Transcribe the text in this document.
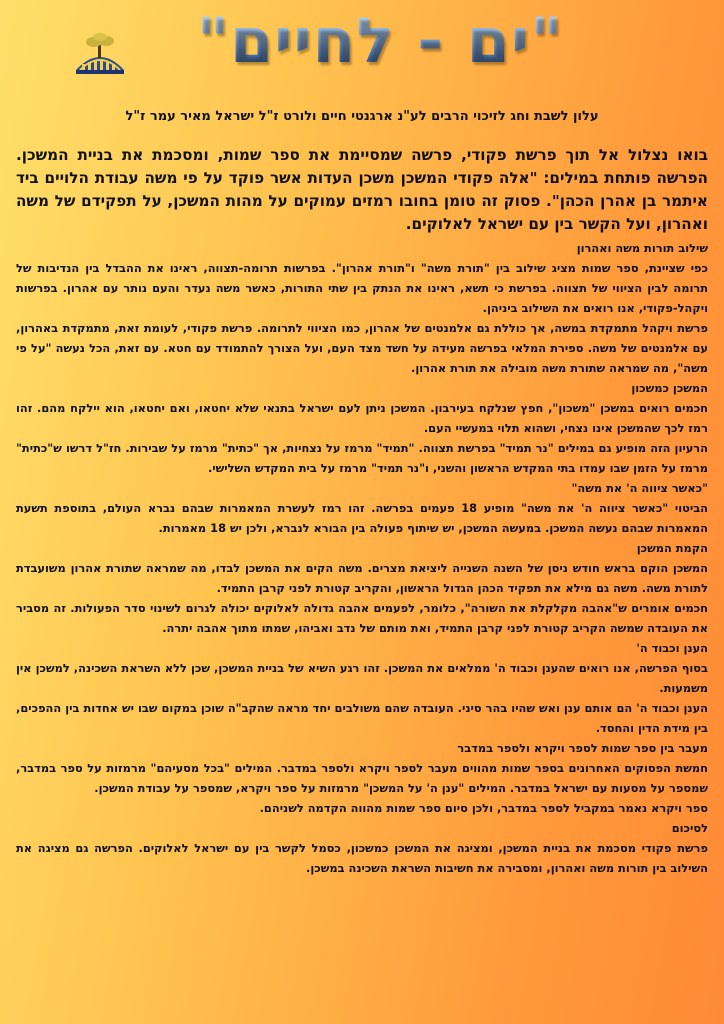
"ים - לחיים"
עלון לשבת וחג לזיכוי הרבים לע"נ ארגנטי חיים ולורט ז"ל ישראל מאיר עמר ז"ל

בואו נצלול אל תוך פרשת פקודי, פרשה שמסיימת את ספר שמות, ומסכמת את בניית המשכן. הפרשה פותחת במילים: "אלה פקודי המשכן משכן העדות אשר פוקד על פי משה עבודת הלויים ביד איתמר בן אהרן הכהן". פסוק זה טומן בחובו רמזים עמוקים על מהות המשכן, על תפקידם של משה ואהרון, ועל הקשר בין עם ישראל לאלוקים.

שילוב תורות משה ואהרון

כפי שציינת, ספר שמות מציג שילוב בין "תורת משה" ו"תורת אהרון". בפרשות תרומה-תצווה, ראינו את ההבדל בין הנדיבות של תרומה לבין הציווי של תצווה. בפרשת כי תשא, ראינו את הנתק בין שתי התורות, כאשר משה נעדר והעם נותר עם אהרון. בפרשות ויקהל-פקודי, אנו רואים את השילוב ביניהן.

פרשת ויקהל מתמקדת במשה, אך כוללת גם אלמנטים של אהרון, כמו הציווי לתרומה. פרשת פקודי, לעומת זאת, מתמקדת באהרון, עם אלמנטים של משה. ספירת המלאי בפרשה מעידה על חשד מצד העם, ועל הצורך להתמודד עם חטא. עם זאת, הכל נעשה "על פי משה", מה שמראה שתורת משה מובילה את תורת אהרון.

המשכן כמשכון

חכמים רואים במשכן "משכון", חפץ שנלקח בעירבון. המשכן ניתן לעם ישראל בתנאי שלא יחטאו, ואם יחטאו, הוא יילקח מהם. זהו רמז לכך שהמשכן אינו נצחי, ושהוא תלוי במעשיי העם.

הרעיון הזה מופיע גם במילים "נר תמיד" בפרשת תצווה. "תמיד" מרמז על נצחיות, אך "כתית" מרמז על שבירות. חז"ל דרשו ש"כתית" מרמז על הזמן שבו עמדו בתי המקדש הראשון והשני, ו"נר תמיד" מרמז על בית המקדש השלישי.

"כאשר ציווה ה' את משה"

הביטוי "כאשר ציווה ה' את משה" מופיע 18 פעמים בפרשה. זהו רמז לעשרת המאמרות שבהם נברא העולם, בתוספת תשעת המאמרות שבהם נעשה המשכן. במעשה המשכן, יש שיתוף פעולה בין הבורא לנברא, ולכן יש 18 מאמרות.

הקמת המשכן

המשכן הוקם בראש חודש ניסן של השנה השנייה ליציאת מצרים. משה הקים את המשכן לבדו, מה שמראה שתורת אהרון משועבדת לתורת משה. משה גם מילא את תפקיד הכהן הגדול הראשון, והקריב קטורת לפני קרבן התמיד.

חכמים אומרים ש"אהבה מקלקלת את השורה", כלומר, לפעמים אהבה גדולה לאלוקים יכולה לגרום לשינוי סדר הפעולות. זה מסביר את העובדה שמשה הקריב קטורת לפני קרבן התמיד, ואת מותם של נדב ואביהו, שמתו מתוך אהבה יתרה.

הענן וכבוד ה'

בסוף הפרשה, אנו רואים שהענן וכבוד ה' ממלאים את המשכן. זהו רגע השיא של בניית המשכן, שכן ללא השראת השכינה, למשכן אין משמעות.

הענן וכבוד ה' הם אותם ענן ואש שהיו בהר סיני. העובדה שהם משולבים יחד מראה שהקב"ה שוכן במקום שבו יש אחדות בין ההפכים, בין מידת הדין והחסד.

מעבר בין ספר שמות לספר ויקרא ולספר במדבר

חמשת הפסוקים האחרונים בספר שמות מהווים מעבר לספר ויקרא ולספר במדבר. המילים "בכל מסעיהם" מרמזות על ספר במדבר, שמספר על מסעות עם ישראל במדבר. המילים "ענן ה' על המשכן" מרמזות על ספר ויקרא, שמספר על עבודת המשכן.

ספר ויקרא נאמר במקביל לספר במדבר, ולכן סיום ספר שמות מהווה הקדמה לשניהם.

לסיכום

פרשת פקודי מסכמת את בניית המשכן, ומציגה את המשכן כמשכון, כסמל לקשר בין עם ישראל לאלוקים. הפרשה גם מציגה את השילוב בין תורות משה ואהרון, ומסבירה את חשיבות השראת השכינה במשכן.
